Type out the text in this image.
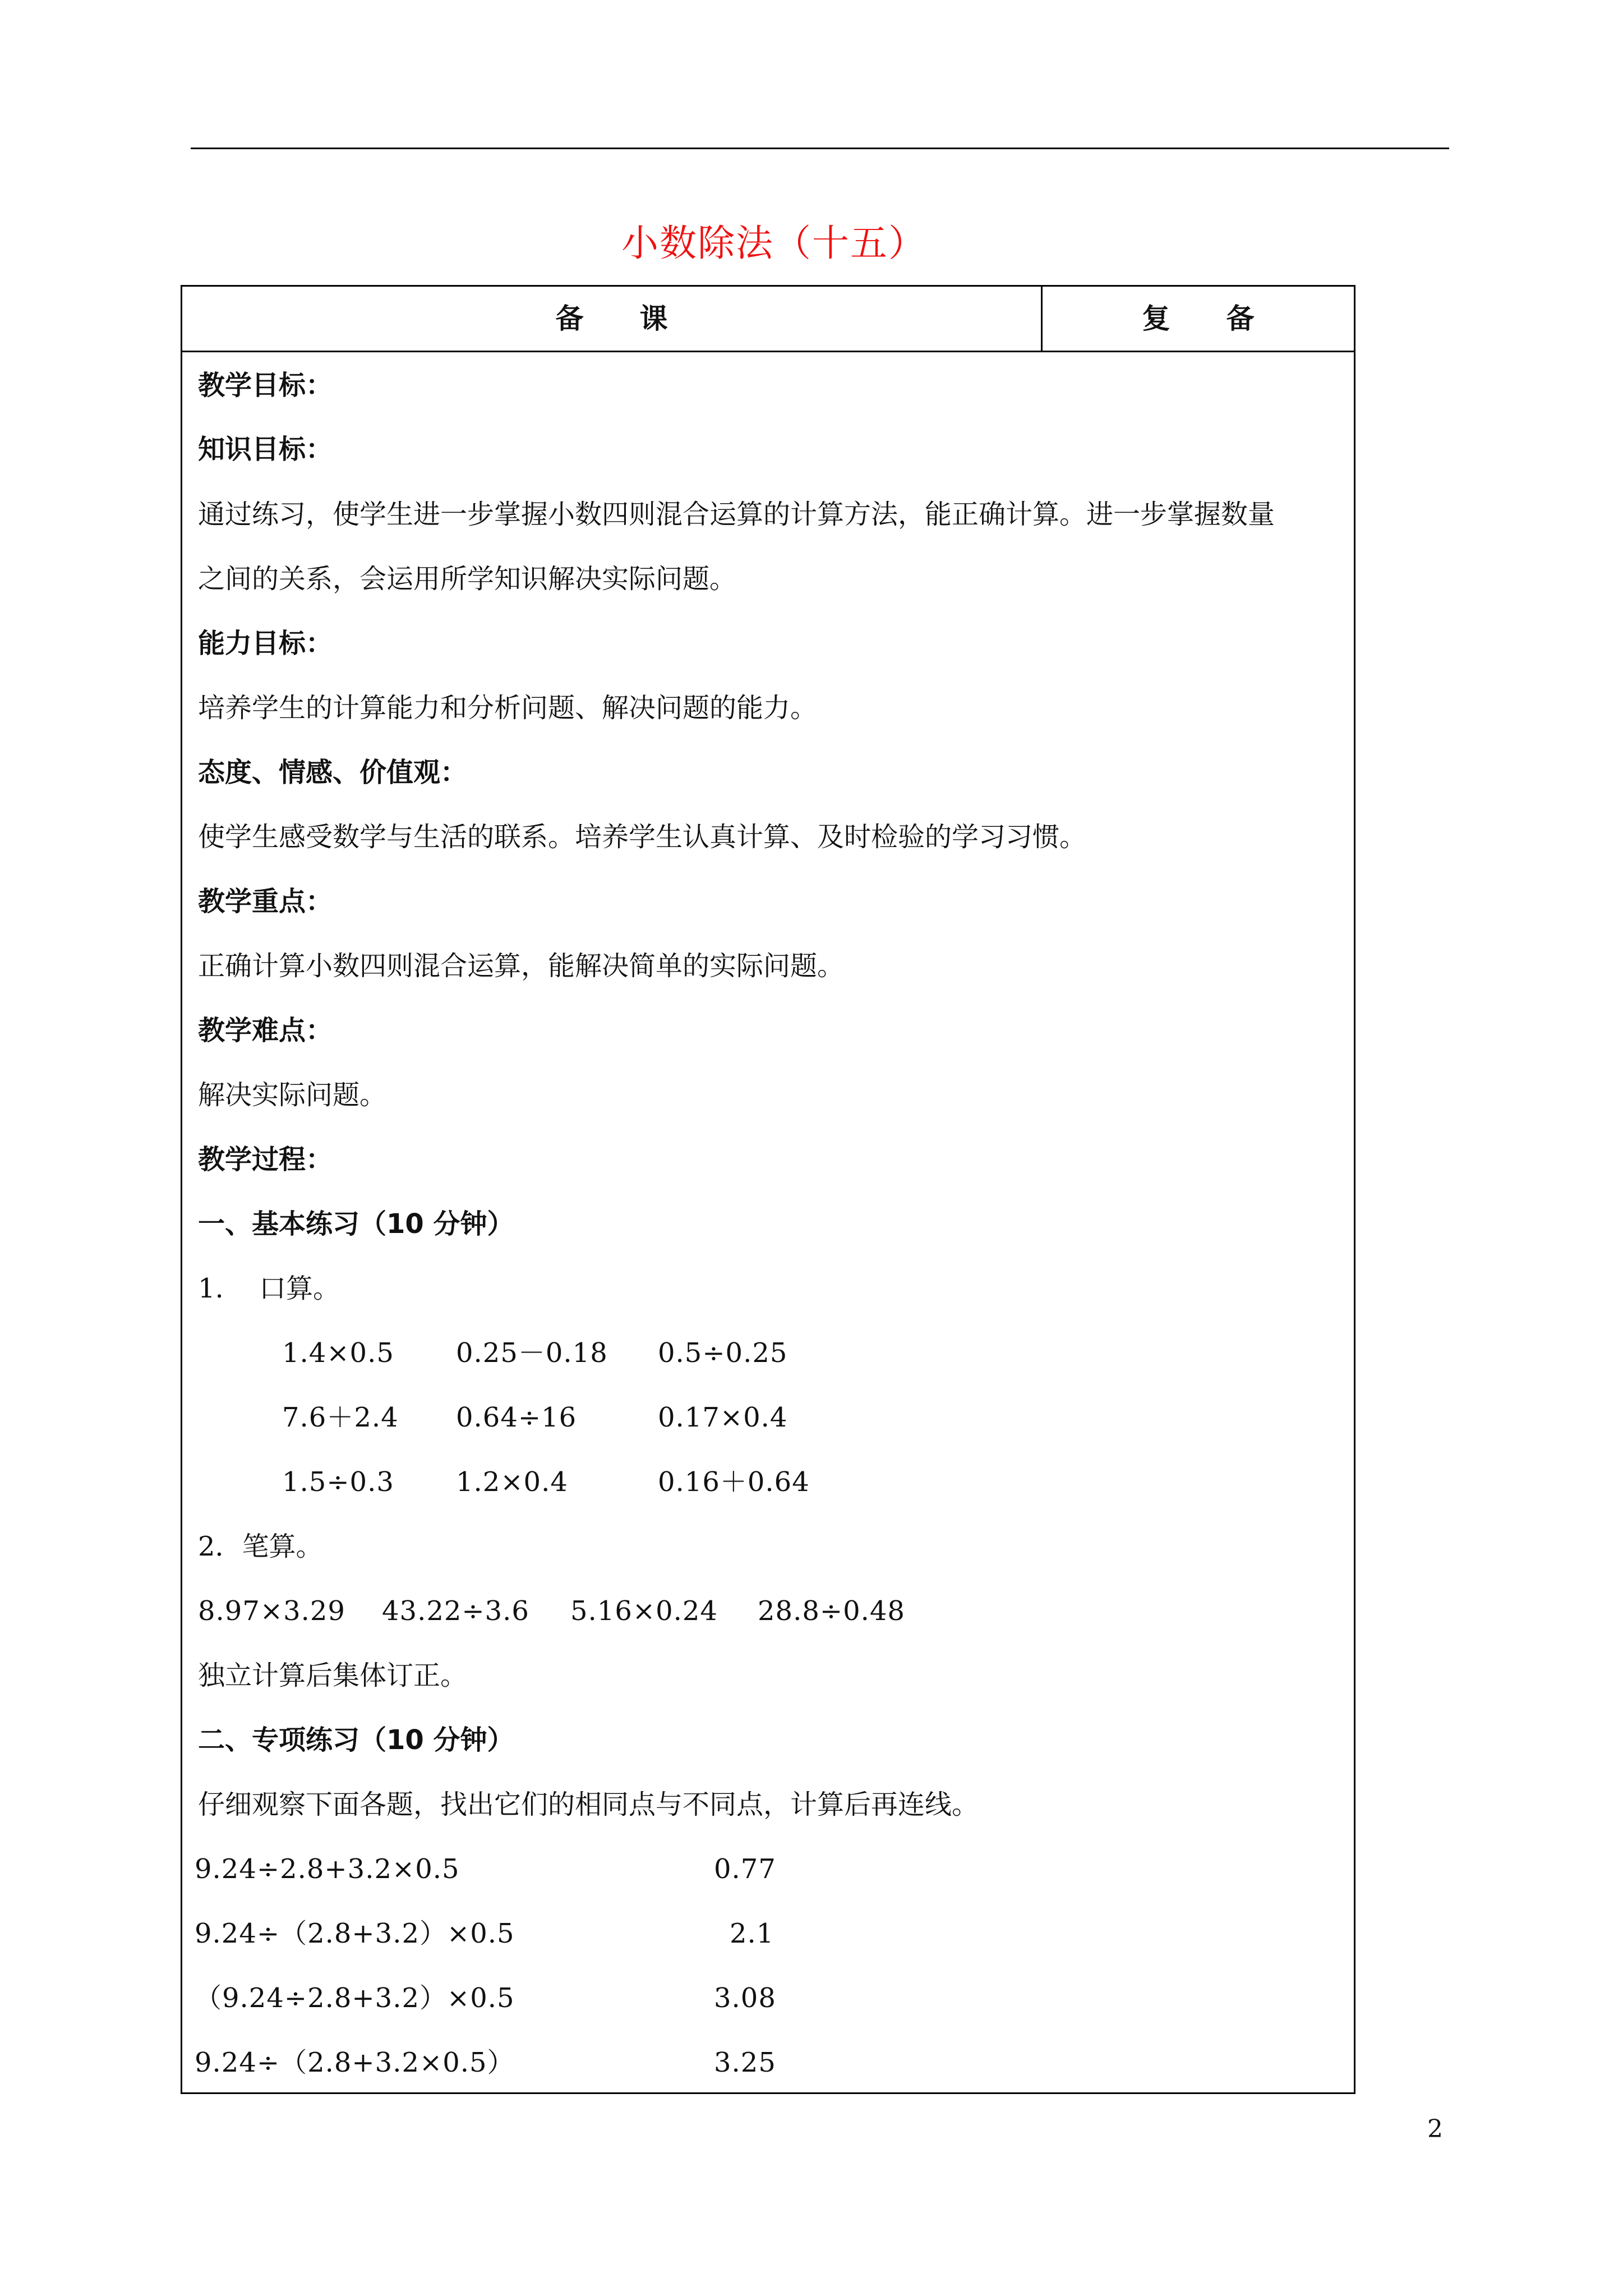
小数除法（十五）
备　　课	复　　备
教学目标：
知识目标：
通过练习，使学生进一步掌握小数四则混合运算的计算方法，能正确计算。进一步掌握数量
之间的关系，会运用所学知识解决实际问题。
能力目标：
培养学生的计算能力和分析问题、解决问题的能力。
态度、情感、价值观：
使学生感受数学与生活的联系。培养学生认真计算、及时检验的学习习惯。
教学重点：
正确计算小数四则混合运算，能解决简单的实际问题。
教学难点：
解决实际问题。
教学过程：
一、基本练习（10 分钟）
1.　 口算。
1.4×0.5 0.25－0.18 0.5÷0.25
7.6＋2.4 0.64÷16	0.17×0.4
1.5÷0.3 1.2×0.4	0.16＋0.64
2．笔算。
8.97×3.29 43.22÷3.6 5.16×0.24 28.8÷0.48
独立计算后集体订正。
二、专项练习（10 分钟）
仔细观察下面各题，找出它们的相同点与不同点，计算后再连线。
9.24÷2.8+3.2×0.5	0.77
9.24÷（2.8+3.2）×0.5	2.1
（9.24÷2.8+3.2）×0.5	3.08
9.24÷（2.8+3.2×0.5）	3.25
2
